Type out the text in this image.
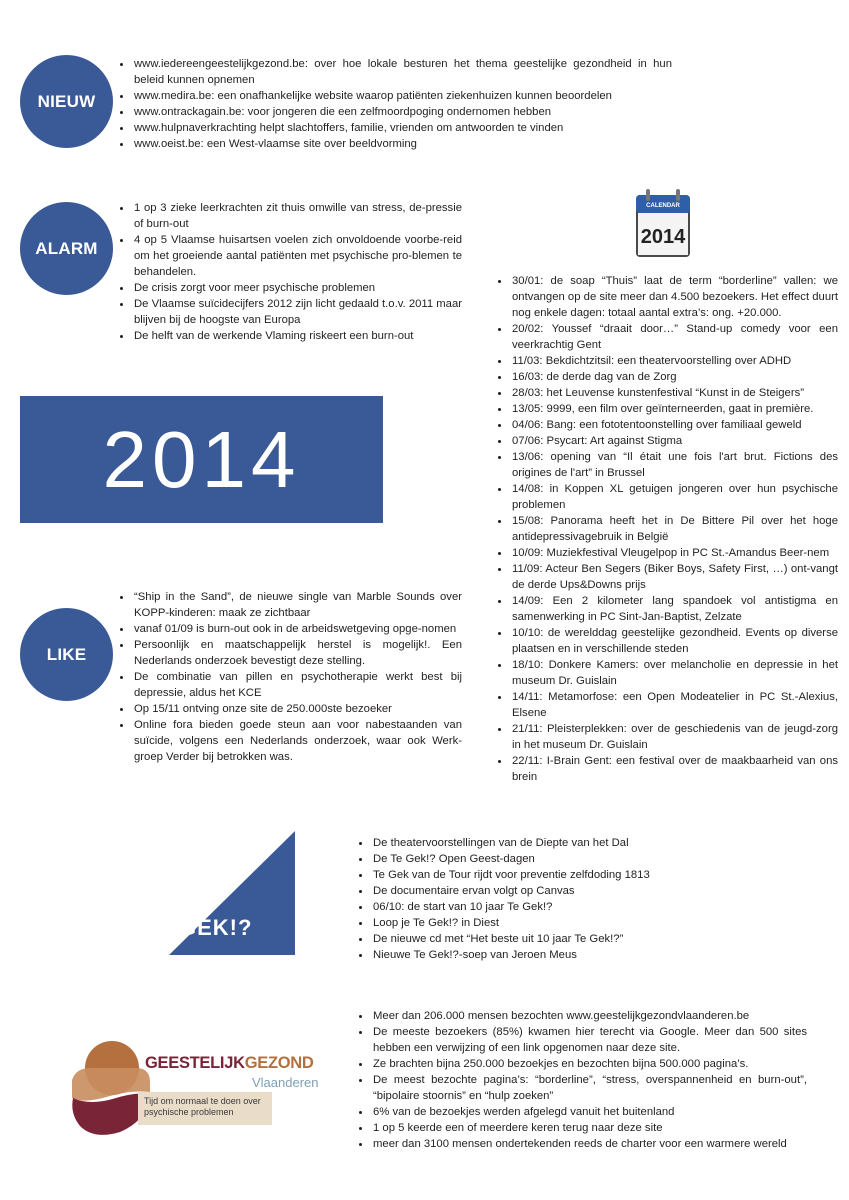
NIEUW
• www.iedereengeestelijkgezond.be: over hoe lokale besturen het thema geestelijke gezondheid in hun beleid kunnen opnemen
• www.medira.be: een onafhankelijke website waarop patiënten ziekenhuizen kunnen beoordelen
• www.ontrackagain.be: voor jongeren die een zelfmoordpoging ondernomen hebben
• www.hulpnaverkrachting helpt slachtoffers, familie, vrienden om antwoorden te vinden
• www.oeist.be: een West-vlaamse site over beeldvorming
ALARM
• 1 op 3 zieke leerkrachten zit thuis omwille van stress, de-pressie of burn-out
• 4 op 5 Vlaamse huisartsen voelen zich onvoldoende voorbe-reid om het groeiende aantal patiënten met psychische pro-blemen te behandelen.
• De crisis zorgt voor meer psychische problemen
• De Vlaamse suïcidecijfers 2012 zijn licht gedaald t.o.v. 2011 maar blijven bij de hoogste van Europa
• De helft van de werkende Vlaming riskeert een burn-out
CALENDAR
2014
• 30/01: de soap “Thuis” laat de term “borderline” vallen: we ontvangen op de site meer dan 4.500 bezoekers. Het effect duurt nog enkele dagen: totaal aantal extra’s: ong. +20.000.
• 20/02: Youssef “draait door…” Stand-up comedy voor een veerkrachtig Gent
• 11/03: Bekdichtzitsil: een theatervoorstelling over ADHD
• 16/03: de derde dag van de Zorg
• 28/03: het Leuvense kunstenfestival “Kunst in de Steigers”
• 13/05: 9999, een film over geïnterneerden, gaat in première.
• 04/06: Bang: een fototentoonstelling over familiaal geweld
• 07/06: Psycart: Art against Stigma
• 13/06: opening van “Il était une fois l'art brut. Fictions des origines de l'art” in Brussel
• 14/08: in Koppen XL getuigen jongeren over hun psychische problemen
• 15/08: Panorama heeft het in De Bittere Pil over het hoge antidepressivagebruik in België
• 10/09: Muziekfestival Vleugelpop in PC St.-Amandus Beer-nem
• 11/09: Acteur Ben Segers (Biker Boys, Safety First, …) ont-vangt de derde Ups&Downs prijs
• 14/09: Een 2 kilometer lang spandoek vol antistigma en samenwerking in PC Sint-Jan-Baptist, Zelzate
• 10/10: de werelddag geestelijke gezondheid. Events op diverse plaatsen en in verschillende steden
• 18/10: Donkere Kamers: over melancholie en depressie in het museum Dr. Guislain
• 14/11: Metamorfose: een Open Modeatelier in PC St.-Alexius, Elsene
• 21/11: Pleisterplekken: over de geschiedenis van de jeugd-zorg in het museum Dr. Guislain
• 22/11: I-Brain Gent: een festival over de maakbaarheid van ons brein
2014
LIKE
• “Ship in the Sand”, de nieuwe single van Marble Sounds over KOPP-kinderen: maak ze zichtbaar
• vanaf 01/09 is burn-out ook in de arbeidswetgeving opge-nomen
• Persoonlijk en maatschappelijk herstel is mogelijk!. Een Nederlands onderzoek bevestigt deze stelling.
• De combinatie van pillen en psychotherapie werkt best bij depressie, aldus het KCE
• Op 15/11 ontving onze site de 250.000ste bezoeker
• Online fora bieden goede steun aan voor nabestaanden van suïcide, volgens een Nederlands onderzoek, waar ook Werk-groep Verder bij betrokken was.
TE
GEK!?
• De theatervoorstellingen van de Diepte van het Dal
• De Te Gek!? Open Geest-dagen
• Te Gek van de Tour rijdt voor preventie zelfdoding 1813
• De documentaire ervan volgt op Canvas
• 06/10: de start van 10 jaar Te Gek!?
• Loop je Te Gek!? in Diest
• De nieuwe cd met “Het beste uit 10 jaar Te Gek!?”
• Nieuwe Te Gek!?-soep van Jeroen Meus
GEESTELIJKGEZOND
Vlaanderen
Tijd om normaal te doen over psychische problemen
• Meer dan 206.000 mensen bezochten www.geestelijkgezondvlaanderen.be
• De meeste bezoekers (85%) kwamen hier terecht via Google. Meer dan 500 sites hebben een verwijzing of een link opgenomen naar deze site.
• Ze brachten bijna 250.000 bezoekjes en bezochten bijna 500.000 pagina’s.
• De meest bezochte pagina’s: “borderline”, “stress, overspannenheid en burn-out”, “bipolaire stoornis” en “hulp zoeken”
• 6% van de bezoekjes werden afgelegd vanuit het buitenland
• 1 op 5 keerde een of meerdere keren terug naar deze site
• meer dan 3100 mensen ondertekenden reeds de charter voor een warmere wereld
